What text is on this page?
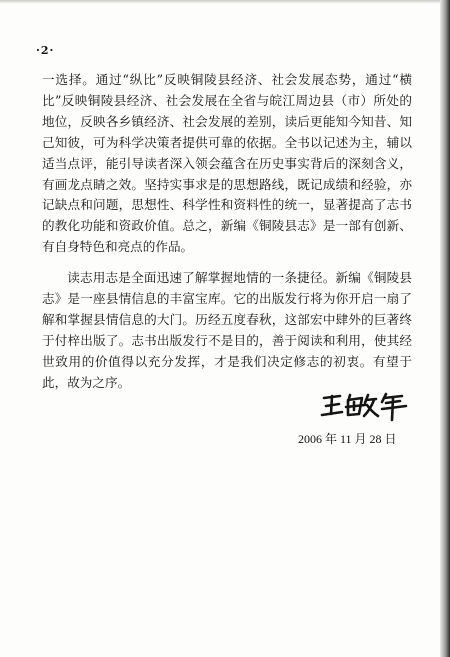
·2·

一选择。通过“纵比”反映铜陵县经济、社会发展态势，通过“横比”反映铜陵县经济、社会发展在全省与皖江周边县（市）所处的地位，反映各乡镇经济、社会发展的差别，读后更能知今知昔、知己知彼，可为科学决策者提供可靠的依据。全书以记述为主，辅以适当点评，能引导读者深入领会蕴含在历史事实背后的深刻含义，有画龙点睛之效。坚持实事求是的思想路线，既记成绩和经验，亦记缺点和问题，思想性、科学性和资料性的统一，显著提高了志书的教化功能和资政价值。总之，新编《铜陵县志》是一部有创新、有自身特色和亮点的作品。

读志用志是全面迅速了解掌握地情的一条捷径。新编《铜陵县志》是一座县情信息的丰富宝库。它的出版发行将为你开启一扇了解和掌握县情信息的大门。历经五度春秋，这部宏中肆外的巨著终于付梓出版了。志书出版发行不是目的，善于阅读和利用，使其经世致用的价值得以充分发挥，才是我们决定修志的初衷。有望于此，故为之序。

2006 年 11 月 28 日
